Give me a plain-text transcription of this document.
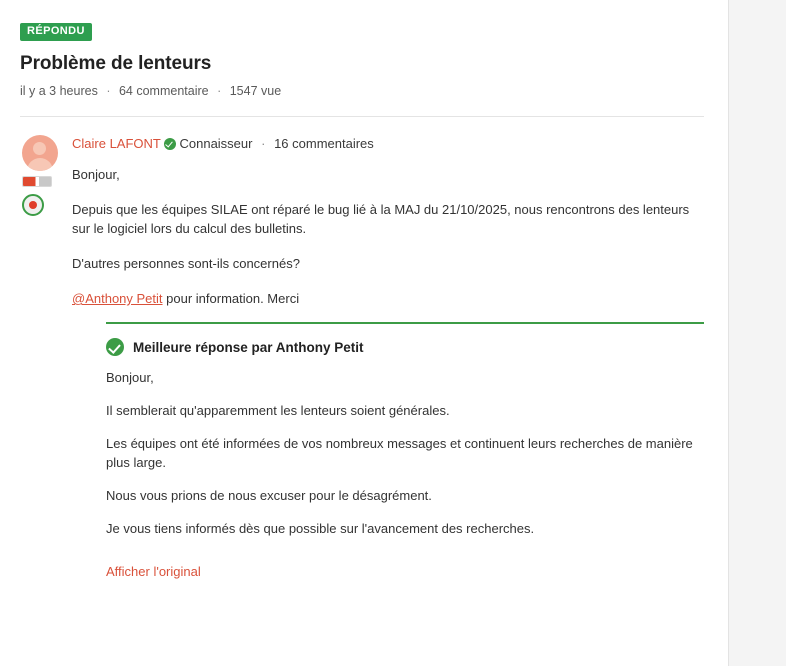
RÉPONDU
Problème de lenteurs
il y a 3 heures · 64 commentaire · 1547 vue
Claire LAFONT Connaisseur · 16 commentaires

Bonjour,

Depuis que les équipes SILAE ont réparé le bug lié à la MAJ du 21/10/2025, nous rencontrons des lenteurs sur le logiciel lors du calcul des bulletins.

D'autres personnes sont-ils concernés?

@Anthony Petit pour information. Merci

Meilleure réponse par Anthony Petit

Bonjour,

Il semblerait qu'apparemment les lenteurs soient générales.

Les équipes ont été informées de vos nombreux messages et continuent leurs recherches de manière plus large.

Nous vous prions de nous excuser pour le désagrément.

Je vous tiens informés dès que possible sur l'avancement des recherches.

Afficher l'original
